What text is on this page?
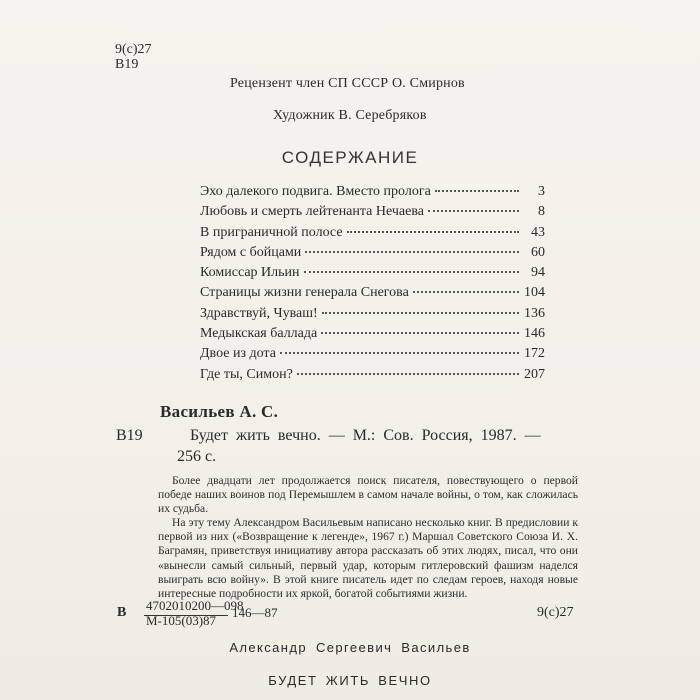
9(с)27
В19
Рецензент член СП СССР О. Смирнов
Художник В. Серебряков
СОДЕРЖАНИЕ
Эхо далекого подвига. Вместо пролога	3
Любовь и смерть лейтенанта Нечаева	8
В приграничной полосе	43
Рядом с бойцами	60
Комиссар Ильин	94
Страницы жизни генерала Снегова	104
Здравствуй, Чуваш!	136
Медыкская баллада	146
Двое из дота	172
Где ты, Симон?	207
Васильев А. С.
В19	Будет жить вечно. — М.: Сов. Россия, 1987. —
256 с.

Более двадцати лет продолжается поиск писателя, повествующего о первой победе наших воинов под Перемышлем в самом начале войны, о том, как сложилась их судьба.

На эту тему Александром Васильевым написано несколько книг. В предисловии к первой из них («Возвращение к легенде», 1967 г.) Маршал Советского Союза И. Х. Баграмян, приветствуя инициативу автора рассказать об этих людях, писал, что они «вынесли самый сильный, первый удар, которым гитлеровский фашизм наделся выиграть всю войну». В этой книге писатель идет по следам героев, находя новые интересные подробности их яркой, богатой событиями жизни.

В 4702010200—098
М-105(03)87
146—87	9(с)27
Александр Сергеевич Васильев
БУДЕТ ЖИТЬ ВЕЧНО
